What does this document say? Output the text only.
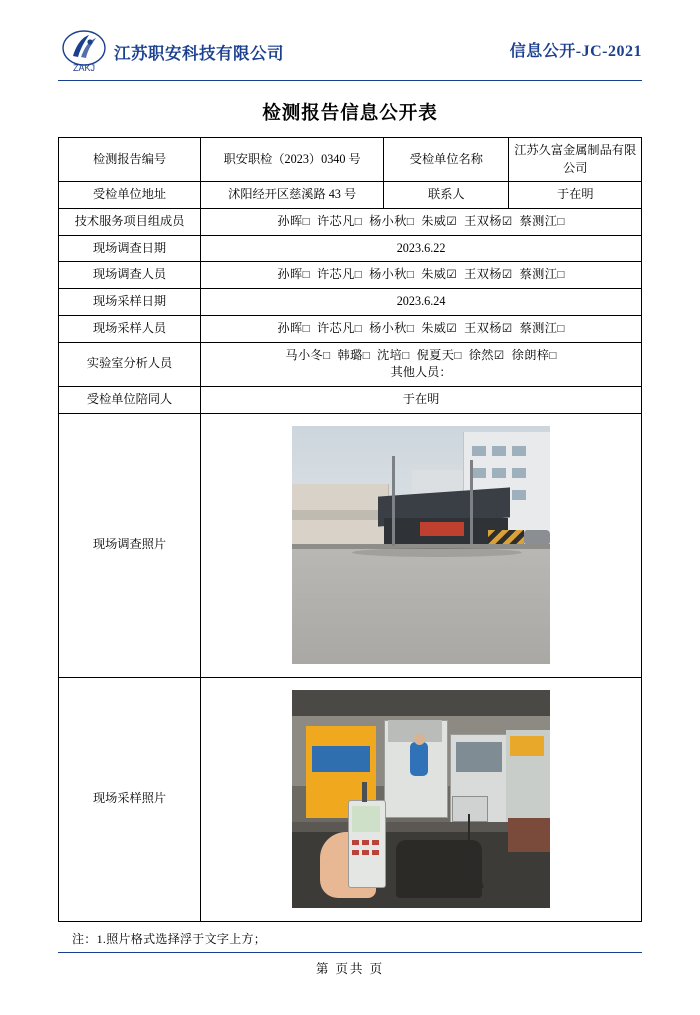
ZAKJ
江苏职安科技有限公司	信息公开-JC-2021
检测报告信息公开表
检测报告编号	职安职检（2023）0340 号	受检单位名称	江苏久富金属制品有限公司
受检单位地址	沭阳经开区慈溪路 43 号	联系人	于在明
技术服务项目组成员	孙晖□ 许芯凡□ 杨小秋□ 朱威☑ 王双杨☑ 蔡测江□		
现场调查日期	2023.6.22		
现场调查人员	孙晖□ 许芯凡□ 杨小秋□ 朱威☑ 王双杨☑ 蔡测江□		
现场采样日期	2023.6.24		
现场采样人员	孙晖□ 许芯凡□ 杨小秋□ 朱威☑ 王双杨☑ 蔡测江□		
实验室分析人员	马小冬□ 韩璐□ 沈培□ 倪夏天□ 徐然☑ 徐朗梓□
其他人员：		

受检单位陪同人	于在明		
现场调查照片			

现场采样照片			
注：1.照片格式选择浮于文字上方；
第 页共 页
